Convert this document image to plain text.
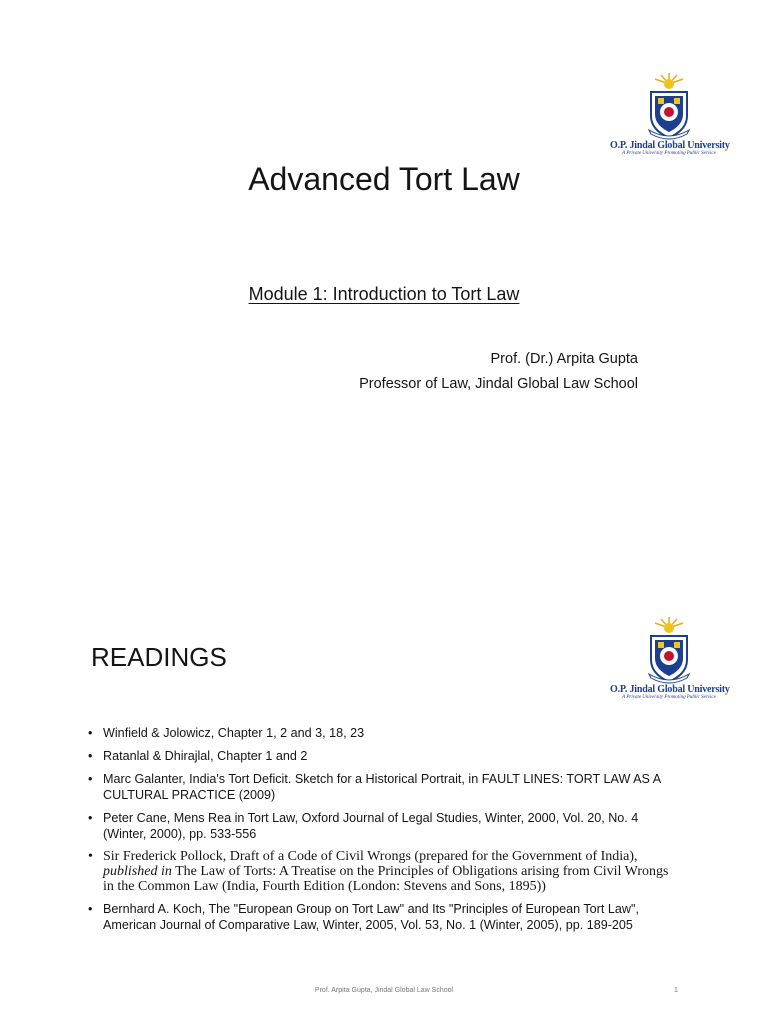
O.P. Jindal Global University
A Private University Promoting Public Service
Advanced Tort Law
Module 1: Introduction to Tort Law
Prof. (Dr.) Arpita Gupta
Professor of Law, Jindal Global Law School
O.P. Jindal Global University
A Private University Promoting Public Service
READINGS
• Winfield & Jolowicz, Chapter 1, 2 and 3, 18, 23
• Ratanlal & Dhirajlal, Chapter 1 and 2
• Marc Galanter, India's Tort Deficit. Sketch for a Historical Portrait, in FAULT LINES: TORT LAW AS A CULTURAL PRACTICE (2009)
• Peter Cane, Mens Rea in Tort Law, Oxford Journal of Legal Studies, Winter, 2000, Vol. 20, No. 4 (Winter, 2000), pp. 533-556
• Sir Frederick Pollock, Draft of a Code of Civil Wrongs (prepared for the Government of India), published in The Law of Torts: A Treatise on the Principles of Obligations arising from Civil Wrongs in the Common Law (India, Fourth Edition (London: Stevens and Sons, 1895))
• Bernhard A. Koch, The "European Group on Tort Law" and Its "Principles of European Tort Law", American Journal of Comparative Law, Winter, 2005, Vol. 53, No. 1 (Winter, 2005), pp. 189-205
Prof. Arpita Gupta, Jindal Global Law School	1
